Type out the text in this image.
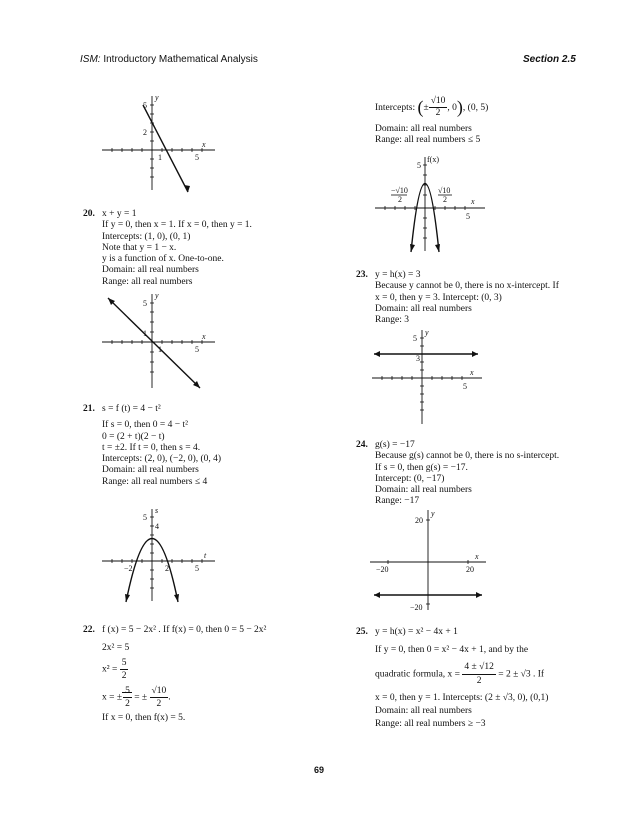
ISM: Introductory Mathematical Analysis	Section 2.5
y
x
5
2
1	5
20. x + y = 1
If y = 0, then x = 1. If x = 0, then y = 1.
Intercepts: (1, 0), (0, 1)
Note that y = 1 − x.
y is a function of x. One-to-one.
Domain: all real numbers
Range: all real numbers
y
x
5
1
1	5
21. s = f (t) = 4 − t²
If s = 0, then 0 = 4 − t²
0 = (2 + t)(2 − t)
t = ±2. If t = 0, then s = 4.
Intercepts: (2, 0), (−2, 0), (0, 4)
Domain: all real numbers
Range: all real numbers ≤ 4
s
t
5
4
−2	2	5
22. f (x) = 5 − 2x² . If f(x) = 0, then 0 = 5 − 2x²
2x² = 5
$x^2 = \frac{5}{2}$
x = ± $\frac{5}{2}$ = ± $\frac{√10}{2}$ .
If x = 0, then f(x) = 5.
Intercepts: (± $\frac{√10}{2}$ , 0), (0, 5)
Domain: all real numbers
Range: all real numbers ≤ 5
f(x)
x
5
5
−√10
2
√10
2
23. y = h(x) = 3
Because y cannot be 0, there is no x-intercept. If
x = 0, then y = 3. Intercept: (0, 3)
Domain: all real numbers
Range: 3
y
x
5
3
5
24. g(s) = −17
Because g(s) cannot be 0, there is no s-intercept.
If s = 0, then g(s) = −17.
Intercept: (0, −17)
Domain: all real numbers
Range: −17
y
x
20
−20	20
−20
25. y = h(x) = x² − 4x + 1
If y = 0, then 0 = x² − 4x + 1, and by the
quadratic formula, $x = \frac{4 \pm √12}{2} = 2 \pm √3$ . If
x = 0, then y = 1. Intercepts: (2 ± √3, 0), (0,1)
Domain: all real numbers
Range: all real numbers ≥ −3
69
